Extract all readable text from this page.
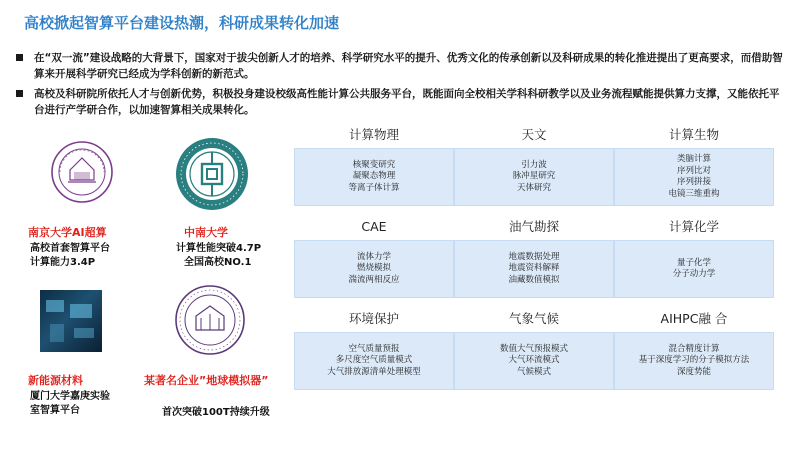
高校掀起智算平台建设热潮，科研成果转化加速
在“双一流”建设战略的大背景下，国家对于拔尖创新人才的培养、科学研究水平的提升、优秀文化的传承创新以及科研成果的转化推进提出了更高要求，而借助智算来开展科学研究已经成为学科创新的新范式。
高校及科研院所依托人才与创新优势，积极投身建设校级高性能计算公共服务平台，既能面向全校相关学科科研教学以及业务流程赋能提供算力支撑，又能依托平台进行产学研合作，以加速智算相关成果转化。
南京大学AI超算
高校首套智算平台
计算能力3.4P
中南大学
计算性能突破4.7P
全国高校NO.1
新能源材料
厦门大学嘉庚实验
室智算平台
某著名企业”地球模拟器”
首次突破100T持续升级
计算物理
核聚变研究
凝聚态物理
等离子体计算
天文
引力波
脉冲星研究
天体研究
计算生物
类脑计算
序列比对
序列拼接
电镜三维重构
CAE
流体力学
燃烧模拟
湍流两相反应
油气勘探
地震数据处理
地震资料解释
油藏数值模拟
计算化学
量子化学
分子动力学
环境保护
空气质量预报
多尺度空气质量模式
大气排放源清单处理模型
气象气候
数值大气预报模式
大气环流模式
气候模式
AIHPC融 合
混合精度计算
基于深度学习的分子模拟方法
深度势能
